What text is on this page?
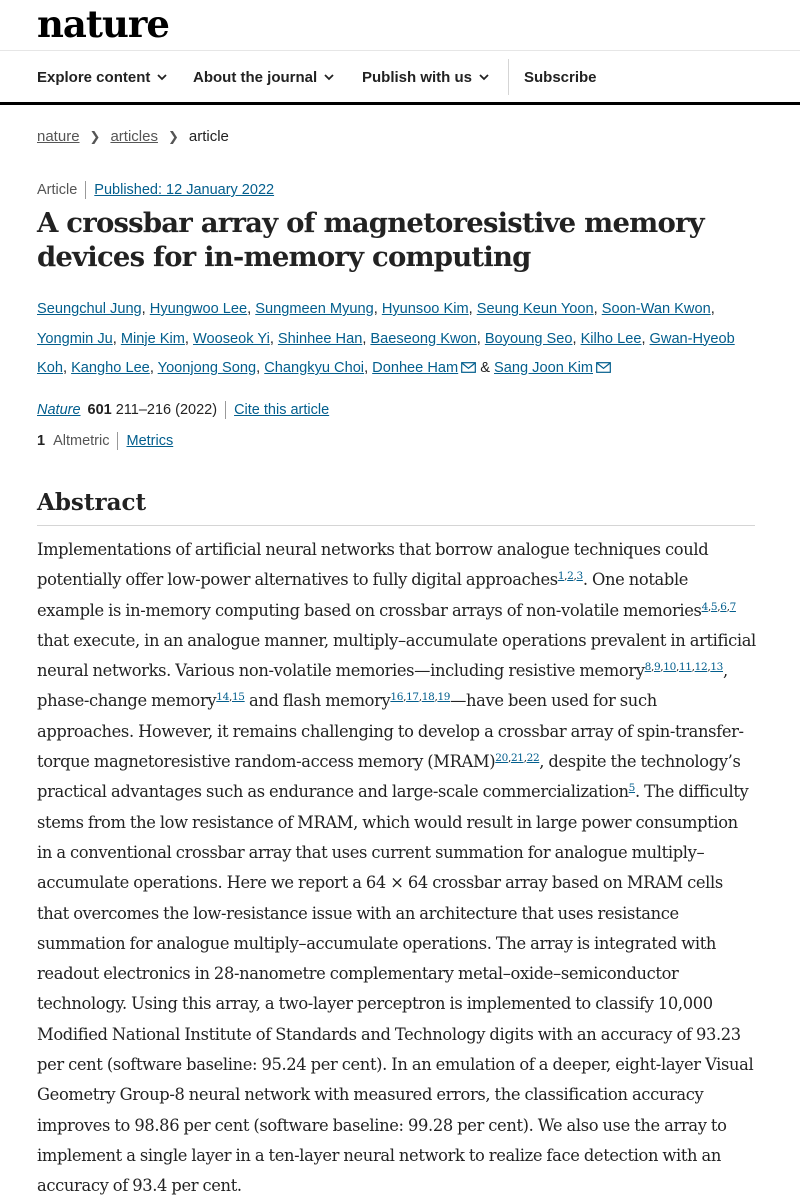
nature
Explore content	About the journal	Publish with us	Subscribe
nature ❯ articles ❯ article
Article Published: 12 January 2022
A crossbar array of magnetoresistive memory devices for in-memory computing
Seungchul Jung, Hyungwoo Lee, Sungmeen Myung, Hyunsoo Kim, Seung Keun Yoon, Soon-Wan Kwon, Yongmin Ju, Minje Kim, Wooseok Yi, Shinhee Han, Baeseong Kwon, Boyoung Seo, Kilho Lee, Gwan-Hyeob Koh, Kangho Lee, Yoonjong Song, Changkyu Choi, Donhee Ham & Sang Joon Kim
Nature 601 211–216 (2022) Cite this article
1 Altmetric Metrics
Abstract

Implementations of artificial neural networks that borrow analogue techniques could potentially offer low-power alternatives to fully digital approaches$^{1,2,3}$. One notable example is in-memory computing based on crossbar arrays of non-volatile memories$^{4,5,6,7}$ that execute, in an analogue manner, multiply–accumulate operations prevalent in artificial neural networks. Various non-volatile memories—including resistive memory$^{8,9,10,11,12,13}$, phase-change memory$^{14,15}$ and flash memory$^{16,17,18,19}$—have been used for such approaches. However, it remains challenging to develop a crossbar array of spin-transfer-torque magnetoresistive random-access memory (MRAM)$^{20,21,22}$, despite the technology’s practical advantages such as endurance and large-scale commercialization$^5$. The difficulty stems from the low resistance of MRAM, which would result in large power consumption in a conventional crossbar array that uses current summation for analogue multiply–accumulate operations. Here we report a 64 × 64 crossbar array based on MRAM cells that overcomes the low-resistance issue with an architecture that uses resistance summation for analogue multiply–accumulate operations. The array is integrated with readout electronics in 28-nanometre complementary metal–oxide–semiconductor technology. Using this array, a two-layer perceptron is implemented to classify 10,000 Modified National Institute of Standards and Technology digits with an accuracy of 93.23 per cent (software baseline: 95.24 per cent). In an emulation of a deeper, eight-layer Visual Geometry Group-8 neural network with measured errors, the classification accuracy improves to 98.86 per cent (software baseline: 99.28 per cent). We also use the array to implement a single layer in a ten-layer neural network to realize face detection with an accuracy of 93.4 per cent.
